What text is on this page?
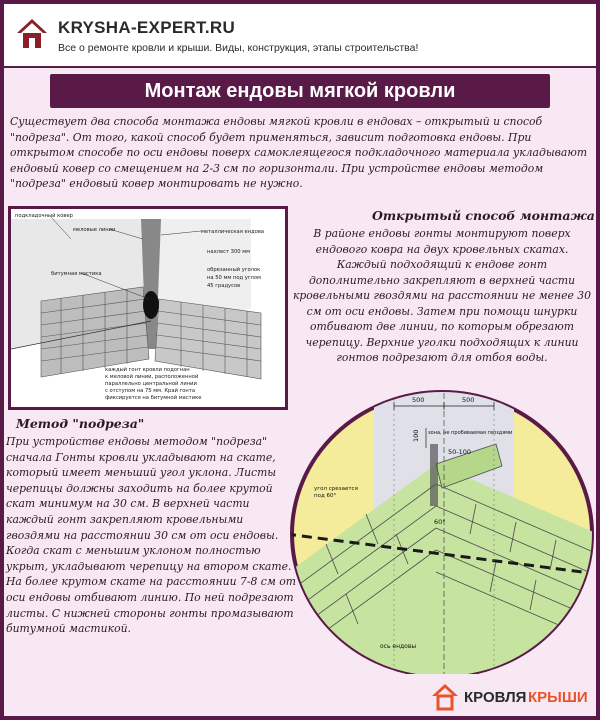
KRYSHA-EXPERT.RU
Все о ремонте кровли и крыши. Виды, конструкция, этапы строительства!
Монтаж ендовы мягкой кровли
Существует два способа монтажа ендовы мягкой кровли в ендовах – открытый и способ "подреза". От того, какой способ будет применяться, зависит подготовка ендовы. При открытом способе по оси ендовы поверх самоклеящегося подкладочного материала укладывают ендовый ковер со смещением на 2-3 см по горизонтали. При устройстве ендовы методом "подреза" ендовый ковер монтировать не нужно.
подкладочный ковер
меловые линии	металлическая ендова
нахлест 300 мм
битумная мастика
обрезанный уголок
на 50 мм под углом
45 градусов
каждый гонт кровли подогнан
к меловой линии, расположенной
параллельно центральной линии
с отступом на 75 мм. Край гонта
фиксируется на битумной мастике
Открытый способ монтажа
В районе ендовы гонты монтируют поверх ендового ковра на двух кровельных скатах. Каждый подходящий к ендове гонт дополнительно закрепляют в верхней части кровельными гвоздями на расстоянии не менее 30 см от оси ендовы. Затем при помощи шнурки отбивают две линии, по которым обрезают черепицу. Верхние уголки подходящих к линии гонтов подрезают для отбоя воды.
Метод "подреза"
При устройстве ендовы методом "подреза" сначала Гонты кровли укладывают на скате, который имеет меньший угол уклона. Листы черепицы должны заходить на более крутой скат минимум на 30 см. В верхней части каждый гонт закрепляют кровельными гвоздями на расстоянии 30 см от оси ендовы. Когда скат с меньшим уклоном полностью укрыт, укладывают черепицу на втором скате. На более крутом скате на расстоянии 7-8 см от оси ендовы отбивают линию. По ней подрезают листы. С нижней стороны гонты промазывают битумной мастикой.
500	500
100 зона, не пробиваемая гвоздями
50-100
угол срезается
под 60°
60°
ось ендовы
КРОВЛЯ КРЫШИ
